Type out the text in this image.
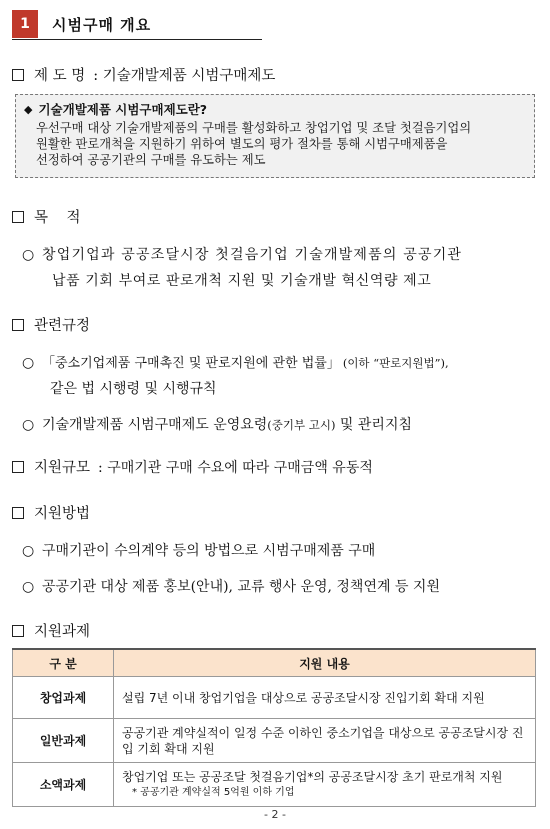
1	시범구매 개요
제 도 명 : 기술개발제품 시범구매제도
◆ 기술개발제품 시범구매제도란?
우선구매 대상 기술개발제품의 구매를 활성화하고 창업기업 및 조달 첫걸음기업의
원활한 판로개척을 지원하기 위하여 별도의 평가 절차를 통해 시범구매제품을
선정하여 공공기관의 구매를 유도하는 제도
목    적
○ 창업기업과 공공조달시장 첫걸음기업 기술개발제품의 공공기관
납품 기회 부여로 판로개척 지원 및 기술개발 혁신역량 제고
관련규정
○ 「중소기업제품 구매촉진 및 판로지원에 관한 법률」 (이하 “판로지원법”),
같은 법 시행령 및 시행규칙
○ 기술개발제품 시범구매제도 운영요령(중기부 고시) 및 관리지침
지원규모 : 구매기관 구매 수요에 따라 구매금액 유동적
지원방법
○ 구매기관이 수의계약 등의 방법으로 시범구매제품 구매
○ 공공기관 대상 제품 홍보(안내), 교류 행사 운영, 정책연계 등 지원
지원과제
구 분	지원 내용
창업과제	설립 7년 이내 창업기업을 대상으로 공공조달시장 진입기회 확대 지원
일반과제	공공기관 계약실적이 일정 수준 이하인 중소기업을 대상으로 공공조달시장 진입 기회 확대 지원
소액과제	창업기업 또는 공공조달 첫걸음기업*의 공공조달시장 초기 판로개척 지원
* 공공기관 계약실적 5억원 이하 기업
- 2 -
